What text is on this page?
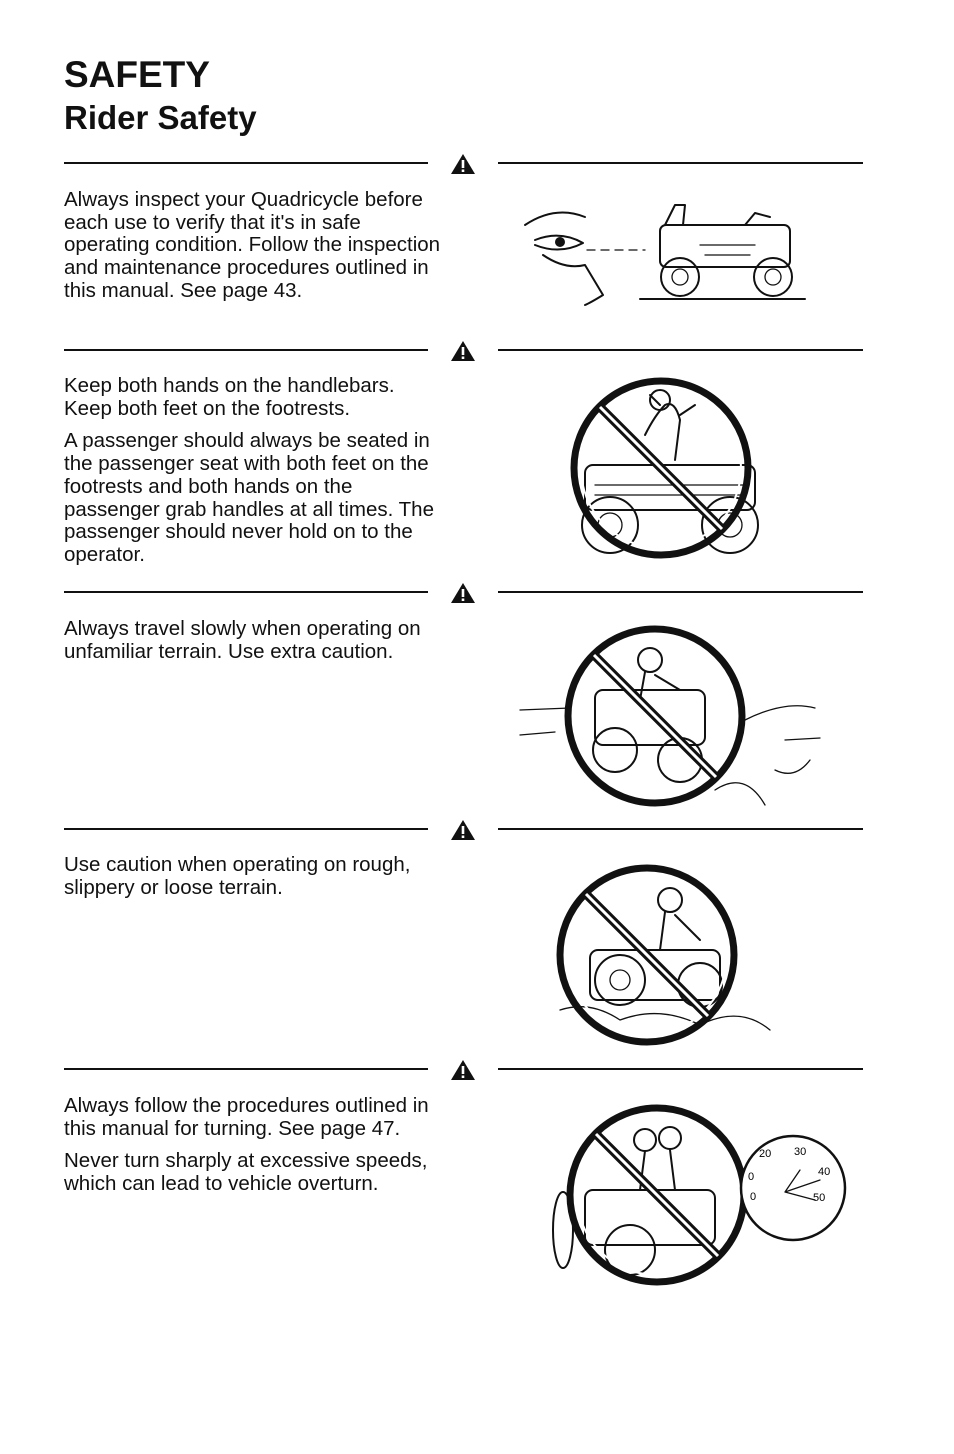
SAFETY
Rider Safety

Always inspect your Quadricycle before each use to verify that it's in safe operating condition. Follow the inspection and maintenance procedures outlined in this manual. See page 43.

Keep both hands on the handlebars. Keep both feet on the footrests.

A passenger should always be seated in the passenger seat with both feet on the footrests and both hands on the passenger grab handles at all times. The passenger should never hold on to the operator.

Always travel slowly when operating on unfamiliar terrain. Use extra caution.

Use caution when operating on rough, slippery or loose terrain.

Always follow the procedures outlined in this manual for turning. See page 47.

Never turn sharply at excessive speeds, which can lead to vehicle overturn.	0
0
20 30
40
50
